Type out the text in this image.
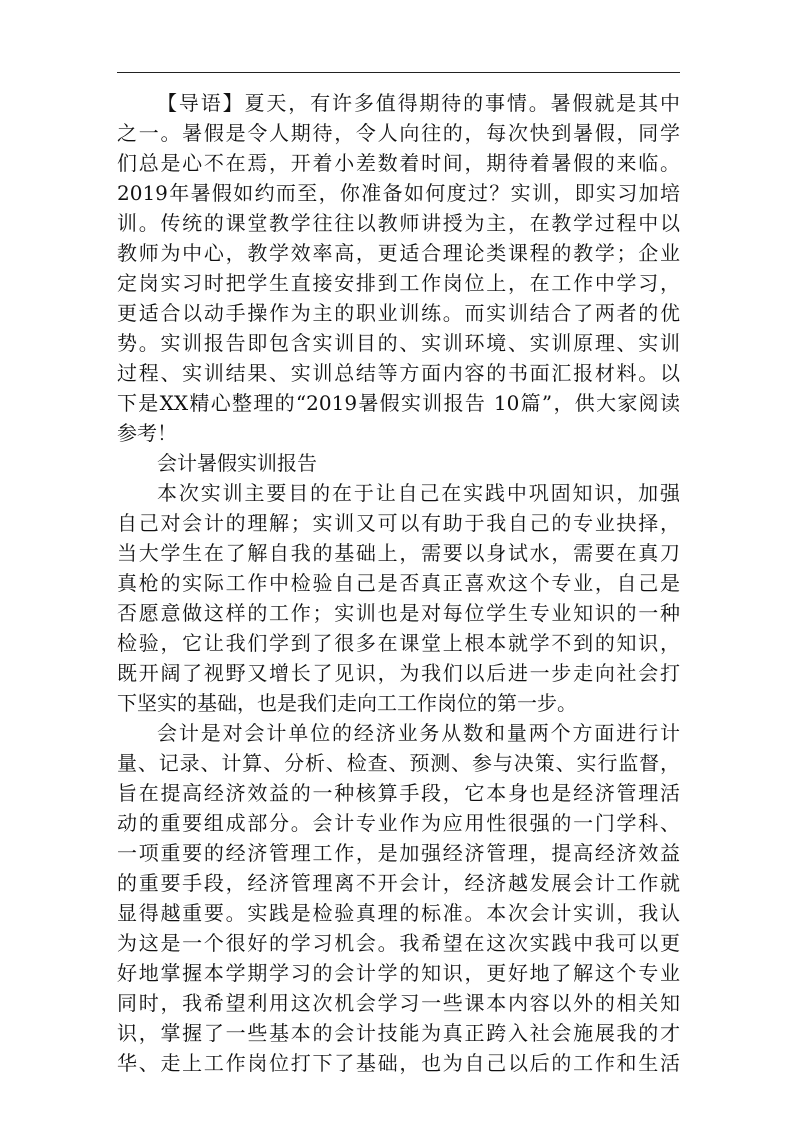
【导语】夏天，有许多值得期待的事情。暑假就是其中
之一。暑假是令人期待，令人向往的，每次快到暑假，同学
们总是心不在焉，开着小差数着时间，期待着暑假的来临。
2019年暑假如约而至，你准备如何度过？实训，即实习加培
训。传统的课堂教学往往以教师讲授为主，在教学过程中以
教师为中心，教学效率高，更适合理论类课程的教学；企业
定岗实习时把学生直接安排到工作岗位上，在工作中学习，
更适合以动手操作为主的职业训练。而实训结合了两者的优
势。实训报告即包含实训目的、实训环境、实训原理、实训
过程、实训结果、实训总结等方面内容的书面汇报材料。以
下是XX精心整理的“2019暑假实训报告 10篇”，供大家阅读
参考！
会计暑假实训报告
本次实训主要目的在于让自己在实践中巩固知识，加强
自己对会计的理解；实训又可以有助于我自己的专业抉择，
当大学生在了解自我的基础上，需要以身试水，需要在真刀
真枪的实际工作中检验自己是否真正喜欢这个专业，自己是
否愿意做这样的工作；实训也是对每位学生专业知识的一种
检验，它让我们学到了很多在课堂上根本就学不到的知识，
既开阔了视野又增长了见识，为我们以后进一步走向社会打
下坚实的基础，也是我们走向工工作岗位的第一步。
会计是对会计单位的经济业务从数和量两个方面进行计
量、记录、计算、分析、检查、预测、参与决策、实行监督，
旨在提高经济效益的一种核算手段，它本身也是经济管理活
动的重要组成部分。会计专业作为应用性很强的一门学科、
一项重要的经济管理工作，是加强经济管理，提高经济效益
的重要手段，经济管理离不开会计，经济越发展会计工作就
显得越重要。实践是检验真理的标准。本次会计实训，我认
为这是一个很好的学习机会。我希望在这次实践中我可以更
好地掌握本学期学习的会计学的知识，更好地了解这个专业
同时，我希望利用这次机会学习一些课本内容以外的相关知
识，掌握了一些基本的会计技能为真正跨入社会施展我的才
华、走上工作岗位打下了基础，也为自己以后的工作和生活
